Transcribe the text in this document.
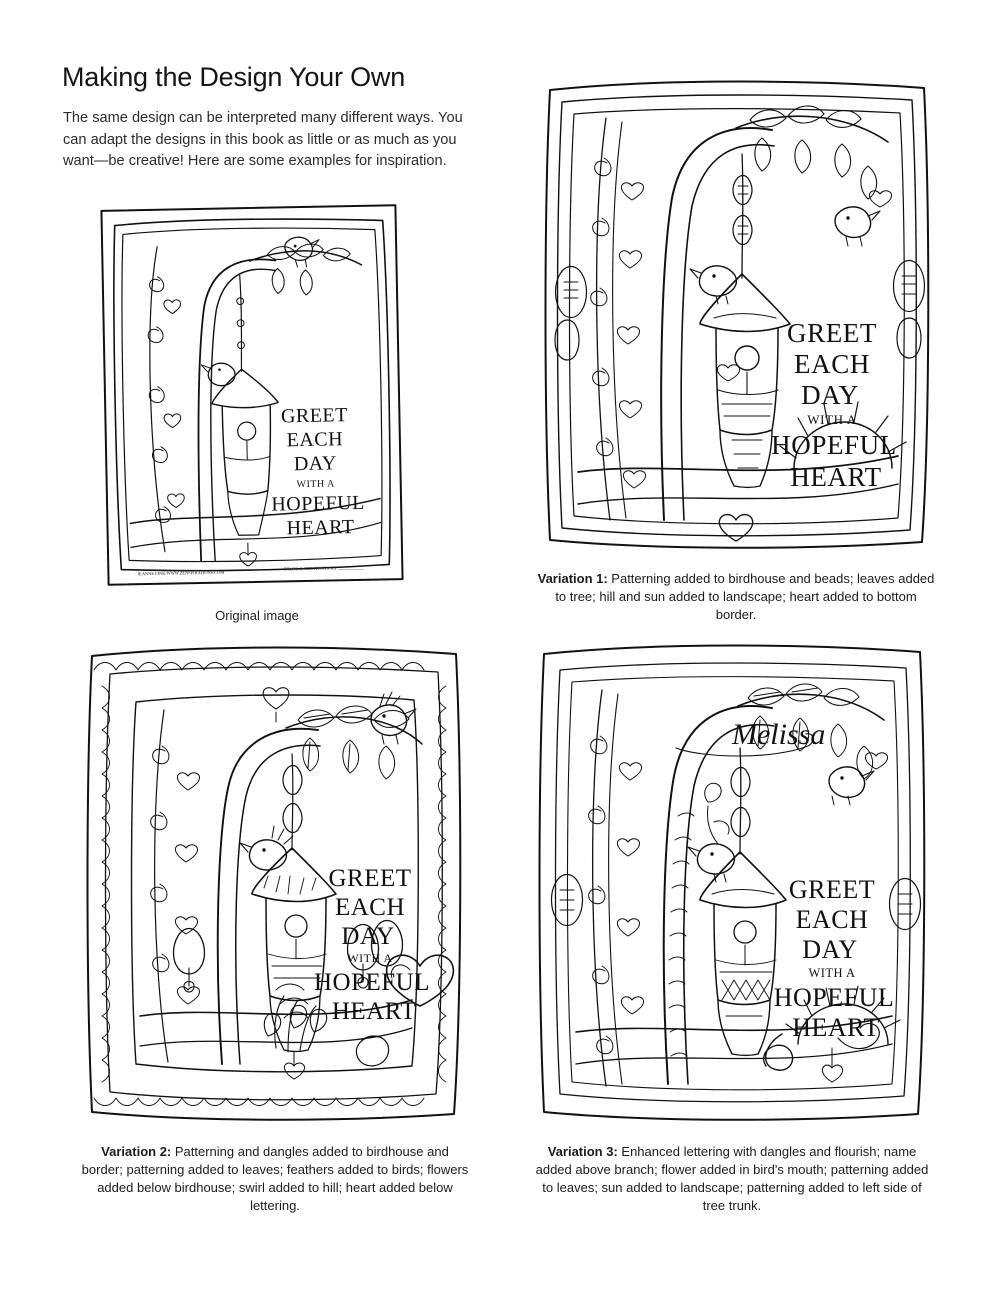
Making the Design Your Own
The same design can be interpreted many different ways. You can adapt the designs in this book as little or as much as you want—be creative! Here are some examples for inspiration.
GREET
EACH
DAY
WITH A
HOPEFUL
HEART
JEANNE FINK/WWW.ZENSPIRATIONS.COM
COLOR & CREATIVITY BY ____________
Original image
GREET
EACH
DAY
WITH A
HOPEFUL
HEART
Variation 1: Patterning added to birdhouse and beads; leaves added to tree; hill and sun added to landscape; heart added to bottom border.
GREET
EACH
DAY
WITH A
HOPEFUL
HEART
Variation 2: Patterning and dangles added to birdhouse and border; patterning added to leaves; feathers added to birds; flowers added below birdhouse; swirl added to hill; heart added below lettering.
Melissa
GREET
EACH
DAY
WITH A
HOPEFUL
HEART
Variation 3: Enhanced lettering with dangles and flourish; name added above branch; flower added in bird's mouth; patterning added to leaves; sun added to landscape; patterning added to left side of tree trunk.
